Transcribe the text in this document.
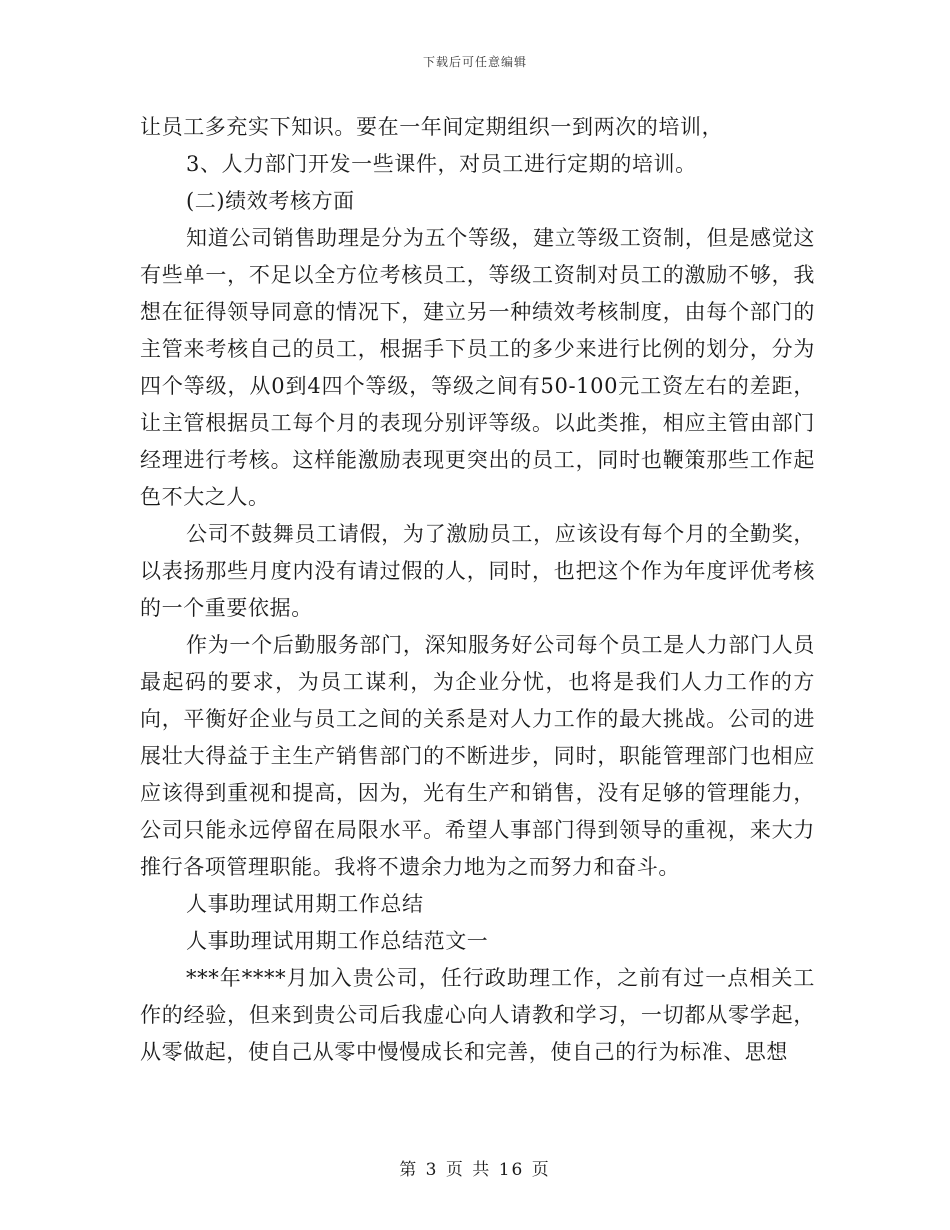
下载后可任意编辑

让员工多充实下知识。要在一年间定期组织一到两次的培训，

3、人力部门开发一些课件，对员工进行定期的培训。

(二)绩效考核方面

知道公司销售助理是分为五个等级，建立等级工资制，但是感觉这有些单一，不足以全方位考核员工，等级工资制对员工的激励不够，我想在征得领导同意的情况下，建立另一种绩效考核制度，由每个部门的主管来考核自己的员工，根据手下员工的多少来进行比例的划分，分为四个等级，从0到4四个等级，等级之间有50-100元工资左右的差距，让主管根据员工每个月的表现分别评等级。以此类推，相应主管由部门经理进行考核。这样能激励表现更突出的员工，同时也鞭策那些工作起色不大之人。

公司不鼓舞员工请假，为了激励员工，应该设有每个月的全勤奖，以表扬那些月度内没有请过假的人，同时，也把这个作为年度评优考核的一个重要依据。

作为一个后勤服务部门，深知服务好公司每个员工是人力部门人员最起码的要求，为员工谋利，为企业分忧，也将是我们人力工作的方向，平衡好企业与员工之间的关系是对人力工作的最大挑战。公司的进展壮大得益于主生产销售部门的不断进步，同时，职能管理部门也相应应该得到重视和提高，因为，光有生产和销售，没有足够的管理能力，公司只能永远停留在局限水平。希望人事部门得到领导的重视，来大力推行各项管理职能。我将不遗余力地为之而努力和奋斗。

人事助理试用期工作总结

人事助理试用期工作总结范文一

***年****月加入贵公司，任行政助理工作，之前有过一点相关工作的经验，但来到贵公司后我虚心向人请教和学习，一切都从零学起，从零做起，使自己从零中慢慢成长和完善，使自己的行为标准、思想

第 3 页 共 16 页
